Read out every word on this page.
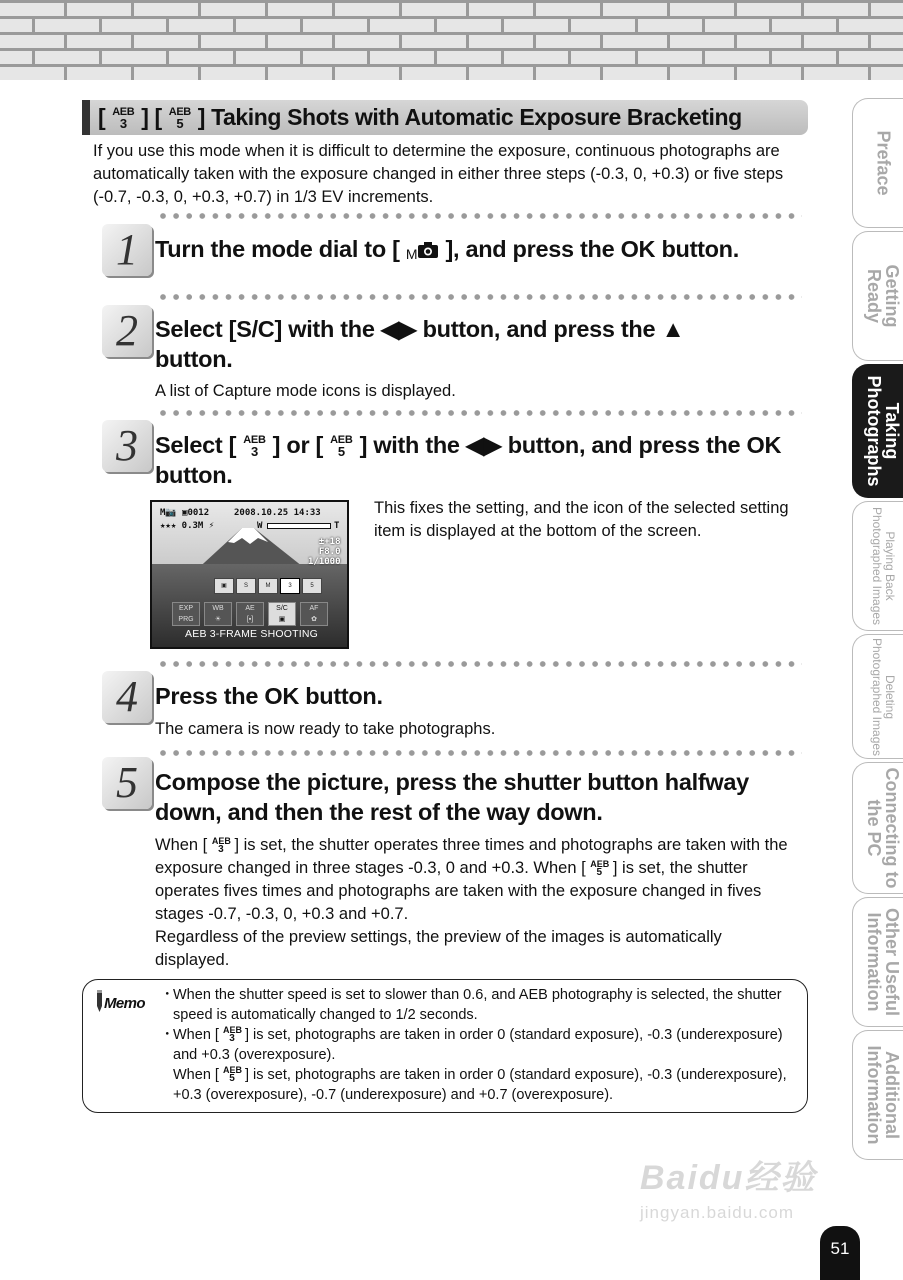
[ AEB
3 ] [ AEB
5 ] Taking Shots with Automatic Exposure Bracketing
If you use this mode when it is difficult to determine the exposure, continuous photographs are automatically taken with the exposure changed in either three steps (-0.3, 0, +0.3) or five steps (-0.7, -0.3, 0, +0.3, +0.7) in 1/3 EV increments.
1 Turn the mode dial to [ M ], and press the OK button.
2 Select [S/C] with the ◀▶ button, and press the ▲ button.
A list of Capture mode icons is displayed.
3 Select [ AEB
3 ] or [ AEB
5 ] with the ◀▶ button, and press the OK button.
M📷 ▣0012	2008.10.25 14:33
★★★ 0.3M ⚡	W	T
±+18
F8.0
1/1000
▣	S	M	3	5
EXP
PRG
WB
☀
AE
[▪]
S/C
▣
AF
✿
AEB 3-FRAME SHOOTING
This fixes the setting, and the icon of the selected setting item is displayed at the bottom of the screen.
4 Press the OK button.
The camera is now ready to take photographs.
5 Compose the picture, press the shutter button halfway down, and then the rest of the way down.
When [ AEB
3 ] is set, the shutter operates three times and photographs are taken with the exposure changed in three stages -0.3, 0 and +0.3. When [ AEB
5 ] is set, the shutter operates fives times and photographs are taken with the exposure changed in fives stages -0.7, -0.3, 0, +0.3 and +0.7.
Regardless of the preview settings, the preview of the images is automatically displayed.
Memo ・
When the shutter speed is set to slower than 0.6, and AEB photography is selected, the shutter speed is automatically changed to 1/2 seconds.
・
When [ AEB
3 ] is set, photographs are taken in order 0 (standard exposure), -0.3 (underexposure) and +0.3 (overexposure).
When [ AEB
5 ] is set, photographs are taken in order 0 (standard exposure), -0.3 (underexposure), +0.3 (overexposure), -0.7 (underexposure) and +0.7 (overexposure).
Preface
Getting
Ready
Taking
Photographs
Playing Back
Photographed Images
Deleting
Photographed Images
Connecting to
the PC
Other Useful
Information
Additional
Information
Baidu经验
jingyan.baidu.com
51
